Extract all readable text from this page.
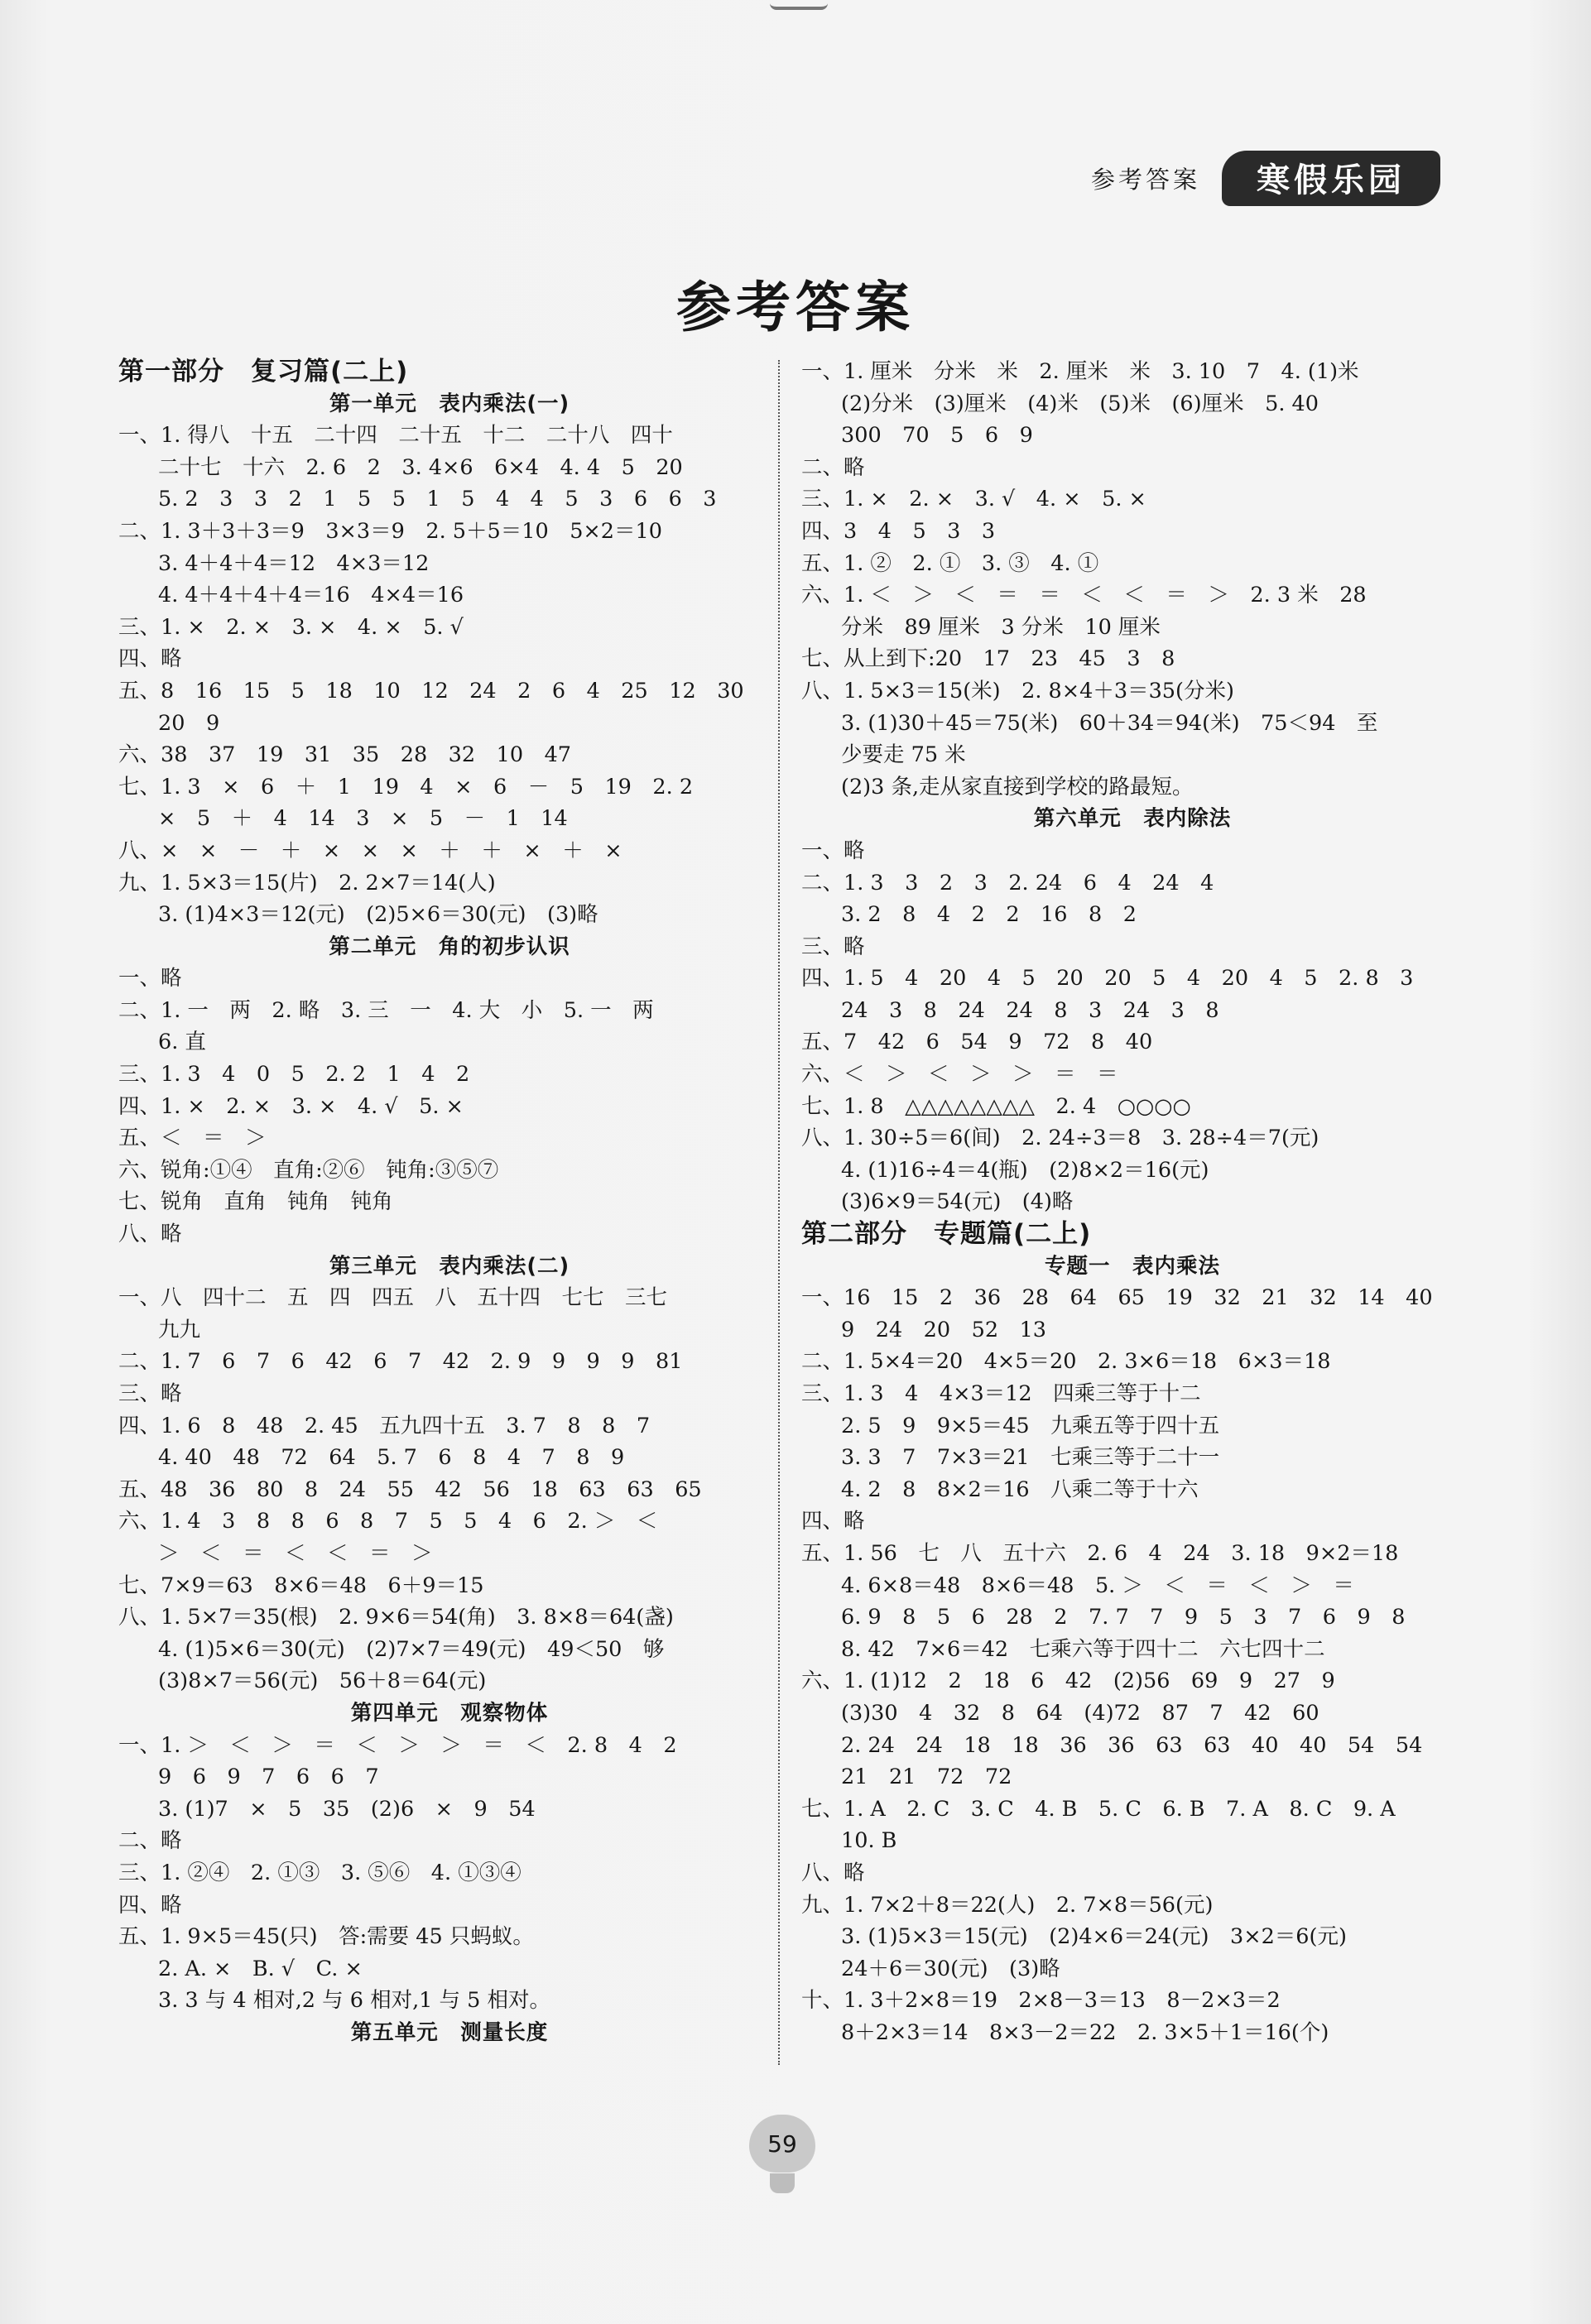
参考答案	寒假乐园
参考答案
第一部分　复习篇(二上)
第一单元　表内乘法(一)
一、1. 得八　十五　二十四　二十五　十二　二十八　四十
二十七　十六　2. 6　2　3. 4×6　6×4　4. 4　5　20
5. 2　3　3　2　1　5　5　1　5　4　4　5　3　6　6　3
二、1. 3＋3＋3＝9　3×3＝9　2. 5＋5＝10　5×2＝10
3. 4＋4＋4＝12　4×3＝12
4. 4＋4＋4＋4＝16　4×4＝16
三、1. ×　2. ×　3. ×　4. ×　5. √
四、略
五、8　16　15　5　18　10　12　24　2　6　4　25　12　30
20　9
六、38　37　19　31　35　28　32　10　47
七、1. 3　×　6　＋　1　19　4　×　6　－　5　19　2. 2
×　5　＋　4　14　3　×　5　－　1　14
八、×　×　－　＋　×　×　×　＋　＋　×　＋　×
九、1. 5×3＝15(片)　2. 2×7＝14(人)
3. (1)4×3＝12(元)　(2)5×6＝30(元)　(3)略
第二单元　角的初步认识
一、略
二、1. 一　两　2. 略　3. 三　一　4. 大　小　5. 一　两
6. 直
三、1. 3　4　0　5　2. 2　1　4　2
四、1. ×　2. ×　3. ×　4. √　5. ×
五、＜　＝　＞
六、锐角:①④　直角:②⑥　钝角:③⑤⑦
七、锐角　直角　钝角　钝角
八、略
第三单元　表内乘法(二)
一、八　四十二　五　四　四五　八　五十四　七七　三七
九九
二、1. 7　6　7　6　42　6　7　42　2. 9　9　9　9　81
三、略
四、1. 6　8　48　2. 45　五九四十五　3. 7　8　8　7
4. 40　48　72　64　5. 7　6　8　4　7　8　9
五、48　36　80　8　24　55　42　56　18　63　63　65
六、1. 4　3　8　8　6　8　7　5　5　4　6　2. ＞　＜
＞　＜　＝　＜　＜　＝　＞
七、7×9＝63　8×6＝48　6＋9＝15
八、1. 5×7＝35(根)　2. 9×6＝54(角)　3. 8×8＝64(盏)
4. (1)5×6＝30(元)　(2)7×7＝49(元)　49＜50　够
(3)8×7＝56(元)　56＋8＝64(元)
第四单元　观察物体
一、1. ＞　＜　＞　＝　＜　＞　＞　＝　＜　2. 8　4　2
9　6　9　7　6　6　7
3. (1)7　×　5　35　(2)6　×　9　54
二、略
三、1. ②④　2. ①③　3. ⑤⑥　4. ①③④
四、略
五、1. 9×5＝45(只)　答:需要 45 只蚂蚁。
2. A. ×　B. √　C. ×
3. 3 与 4 相对,2 与 6 相对,1 与 5 相对。
第五单元　测量长度
一、1. 厘米　分米　米　2. 厘米　米　3. 10　7　4. (1)米
(2)分米　(3)厘米　(4)米　(5)米　(6)厘米　5. 40
300　70　5　6　9
二、略
三、1. ×　2. ×　3. √　4. ×　5. ×
四、3　4　5　3　3
五、1. ②　2. ①　3. ③　4. ①
六、1. ＜　＞　＜　＝　＝　＜　＜　＝　＞　2. 3 米　28
分米　89 厘米　3 分米　10 厘米
七、从上到下:20　17　23　45　3　8
八、1. 5×3＝15(米)　2. 8×4＋3＝35(分米)
3. (1)30＋45＝75(米)　60＋34＝94(米)　75＜94　至
少要走 75 米
(2)3 条,走从家直接到学校的路最短。
第六单元　表内除法
一、略
二、1. 3　3　2　3　2. 24　6　4　24　4
3. 2　8　4　2　2　16　8　2
三、略
四、1. 5　4　20　4　5　20　20　5　4　20　4　5　2. 8　3
24　3　8　24　24　8　3　24　3　8
五、7　42　6　54　9　72　8　40
六、＜　＞　＜　＞　＞　＝　＝
七、1. 8　△△△△△△△△　2. 4　○○○○
八、1. 30÷5＝6(间)　2. 24÷3＝8　3. 28÷4＝7(元)
4. (1)16÷4＝4(瓶)　(2)8×2＝16(元)
(3)6×9＝54(元)　(4)略
第二部分　专题篇(二上)
专题一　表内乘法
一、16　15　2　36　28　64　65　19　32　21　32　14　40
9　24　20　52　13
二、1. 5×4＝20　4×5＝20　2. 3×6＝18　6×3＝18
三、1. 3　4　4×3＝12　四乘三等于十二
2. 5　9　9×5＝45　九乘五等于四十五
3. 3　7　7×3＝21　七乘三等于二十一
4. 2　8　8×2＝16　八乘二等于十六
四、略
五、1. 56　七　八　五十六　2. 6　4　24　3. 18　9×2＝18
4. 6×8＝48　8×6＝48　5. ＞　＜　＝　＜　＞　＝
6. 9　8　5　6　28　2　7. 7　7　9　5　3　7　6　9　8
8. 42　7×6＝42　七乘六等于四十二　六七四十二
六、1. (1)12　2　18　6　42　(2)56　69　9　27　9
(3)30　4　32　8　64　(4)72　87　7　42　60
2. 24　24　18　18　36　36　63　63　40　40　54　54
21　21　72　72
七、1. A　2. C　3. C　4. B　5. C　6. B　7. A　8. C　9. A
10. B
八、略
九、1. 7×2＋8＝22(人)　2. 7×8＝56(元)
3. (1)5×3＝15(元)　(2)4×6＝24(元)　3×2＝6(元)
24＋6＝30(元)　(3)略
十、1. 3＋2×8＝19　2×8－3＝13　8－2×3＝2
8＋2×3＝14　8×3－2＝22　2. 3×5＋1＝16(个)
59
